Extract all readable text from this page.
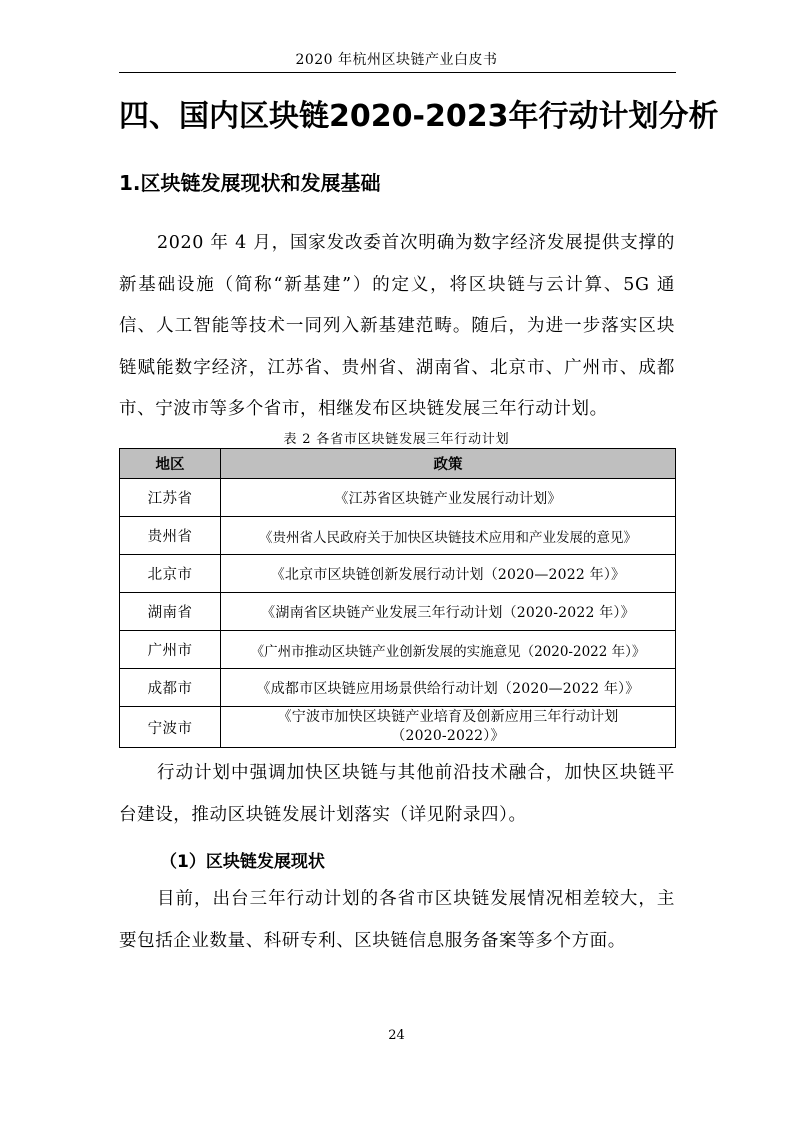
2020 年杭州区块链产业白皮书
四、国内区块链2020-2023年行动计划分析
1.区块链发展现状和发展基础
2020 年 4 月，国家发改委首次明确为数字经济发展提供支撑的
新基础设施（简称“新基建”）的定义，将区块链与云计算、5G 通
信、人工智能等技术一同列入新基建范畴。随后，为进一步落实区块
链赋能数字经济，江苏省、贵州省、湖南省、北京市、广州市、成都
市、宁波市等多个省市，相继发布区块链发展三年行动计划。
表 2 各省市区块链发展三年行动计划
地区	政策
江苏省	《江苏省区块链产业发展行动计划》
贵州省	《贵州省人民政府关于加快区块链技术应用和产业发展的意见》
北京市	《北京市区块链创新发展行动计划（2020—2022 年）》
湖南省	《湖南省区块链产业发展三年行动计划（2020-2022 年）》
广州市	《广州市推动区块链产业创新发展的实施意见（2020-2022 年）》
成都市	《成都市区块链应用场景供给行动计划（2020—2022 年）》
宁波市	《宁波市加快区块链产业培育及创新应用三年行动计划
（2020-2022）》
行动计划中强调加快区块链与其他前沿技术融合，加快区块链平
台建设，推动区块链发展计划落实（详见附录四）。
（1）区块链发展现状
目前，出台三年行动计划的各省市区块链发展情况相差较大，主
要包括企业数量、科研专利、区块链信息服务备案等多个方面。
24
